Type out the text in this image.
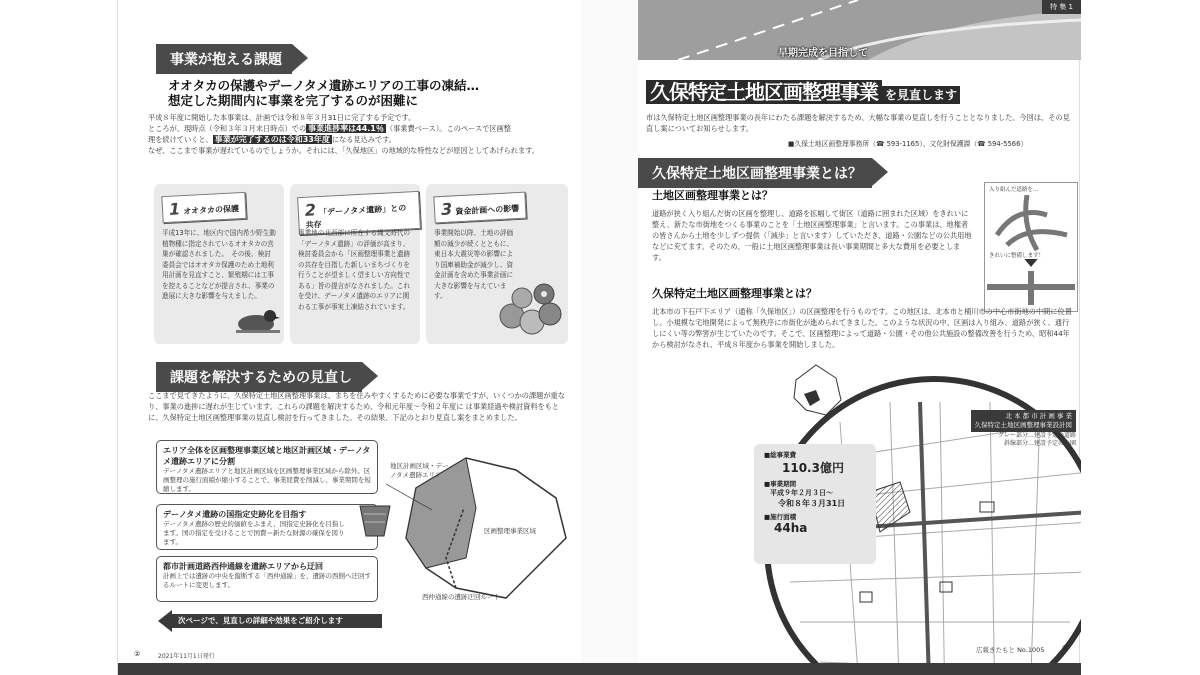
事業が抱える課題
オオタカの保護やデーノタメ遺跡エリアの工事の凍結…
想定した期間内に事業を完了するのが困難に
平成８年度に開始した本事業は、計画では令和８年３月31日に完了する予定です。
ところが、現時点（令和３年３月末日時点）での 事業進捗率は44.1％ （事業費ベース）。このペースで区画整
理を続けていくと、 事業が完了するのは令和33年度 になる見込みです。
なぜ、ここまで事業が遅れているのでしょうか。それには、「久保地区」の地域的な特性などが原因としてあげられます。
1 オオタカの保護
平成13年に、地区内で国内希少野生動植物種に指定されているオオタカの営巣が確認されました。　その後、検討委員会ではオオタカ保護のため土地利用計画を見直すこと、繁殖期には工事を控えることなどが提言され、事業の進展に大きな影響を与えました。
2 「デーノタメ遺跡」との共存
事業地の北西部に所在する縄文時代の「デーノタメ遺跡」の評価が高まり、検討委員会から「区画整理事業と遺跡の共存を目指した新しいまちづくりを行うことが望ましく望ましい方向性である」旨の提言がなされました。これを受け、デーノタメ遺跡のエリアに関わる工事が事実上凍結されています。
3 資金計画への影響
事業開始以降、土地の評価額の減少が続くとともに、東日本大震災等の影響により国庫補助金が減少し、資金計画を含めた事業計画に大きな影響を与えています。
課題を解決するための見直し
ここまで見てきたように、久保特定土地区画整理事業は、まちを住みやすくするために必要な事業ですが、いくつかの課題が重なり、事業の進捗に遅れが生じています。これらの課題を解決するため、令和元年度〜令和２年度に は事業経過や検討資料をもとに、久保特定土地区画整理事業の見直し検討を行ってきました。その結果、下記のとおり見直し案をまとめました。
エリア全体を区画整理事業区域と地区計画区域・デーノタメ遺跡エリアに分割
デーノタメ遺跡エリアと地区計画区域を区画整理事業区域から除外。区画整理の施行面積が縮小することで、事業経費を削減し、事業期間を短縮します。
デーノタメ遺跡の国指定史跡化を目指す
デーノタメ遺跡の歴史的価値をふまえ、国指定史跡化を目指します。国の指定を受けることで国費＝新たな財源の確保を図ります。
都市計画道路西仲通線を遺跡エリアから迂回
計画上では遺跡の中央を縦断する「西仲通線」を、遺跡の西側へ迂回するルートに変更します。
地区計画区域・デーノタメ遺跡エリア
区画整理事業区域
西仲通線の遺跡迂回ルート
次ページで、見直しの詳細や効果をご紹介します
②	2021年11月1日発行
特 集 1
早期完成を目指して
久保特定土地区画整理事業 を見直します
市は久保特定土地区画整理事業の長年にわたる課題を解決するため、大幅な事業の見直しを行うこととなりました。今回は、その見直し案についてお知らせします。
■久保土地区画整理事務所（☎ 593-1165）、文化財保護課（☎ 594-5566）
久保特定土地区画整理事業とは？
土地区画整理事業とは？
道路が狭く入り組んだ街の区画を整理し、道路を拡幅して街区（道路に囲まれた区域）をきれいに整え、新たな市街地をつくる事業のことを「土地区画整理事業」と言います。この事業は、地権者の皆さんから土地を少しずつ提供（「減歩」と言います）していただき、道路・公園などの公共用地などに充てます。そのため、一般に土地区画整理事業は長い事業期間と多大な費用を必要とします。
入り組んだ道路を…
きれいに整備します！
久保特定土地区画整理事業とは？
北本市の下石戸下エリア（通称「久保地区」）の区画整理を行うものです。この地区は、北本市と桶川市の中心市街地の中間に位置し、小規模な宅地開発によって無秩序に市街化が進められてきました。このような状況の中、区画は入り組み、道路が狭く、通行しにくい等の弊害が生じていたのです。そこで、区画整理によって道路・公園・その他公共施設の整備改善を行うため、昭和44年から検討がなされ、平成８年度から事業を開始しました。
北 本 都 市 計 画 事 業
久保特定土地区画整理事業設計図
グレー部分…建設予定の道路
斜線部分…建設予定の公園
■総事業費
110.3億円
■事業期間
平成９年２月３日〜
令和８年３月31日
■施行面積
44ha
広報きたもと No.1005	①
